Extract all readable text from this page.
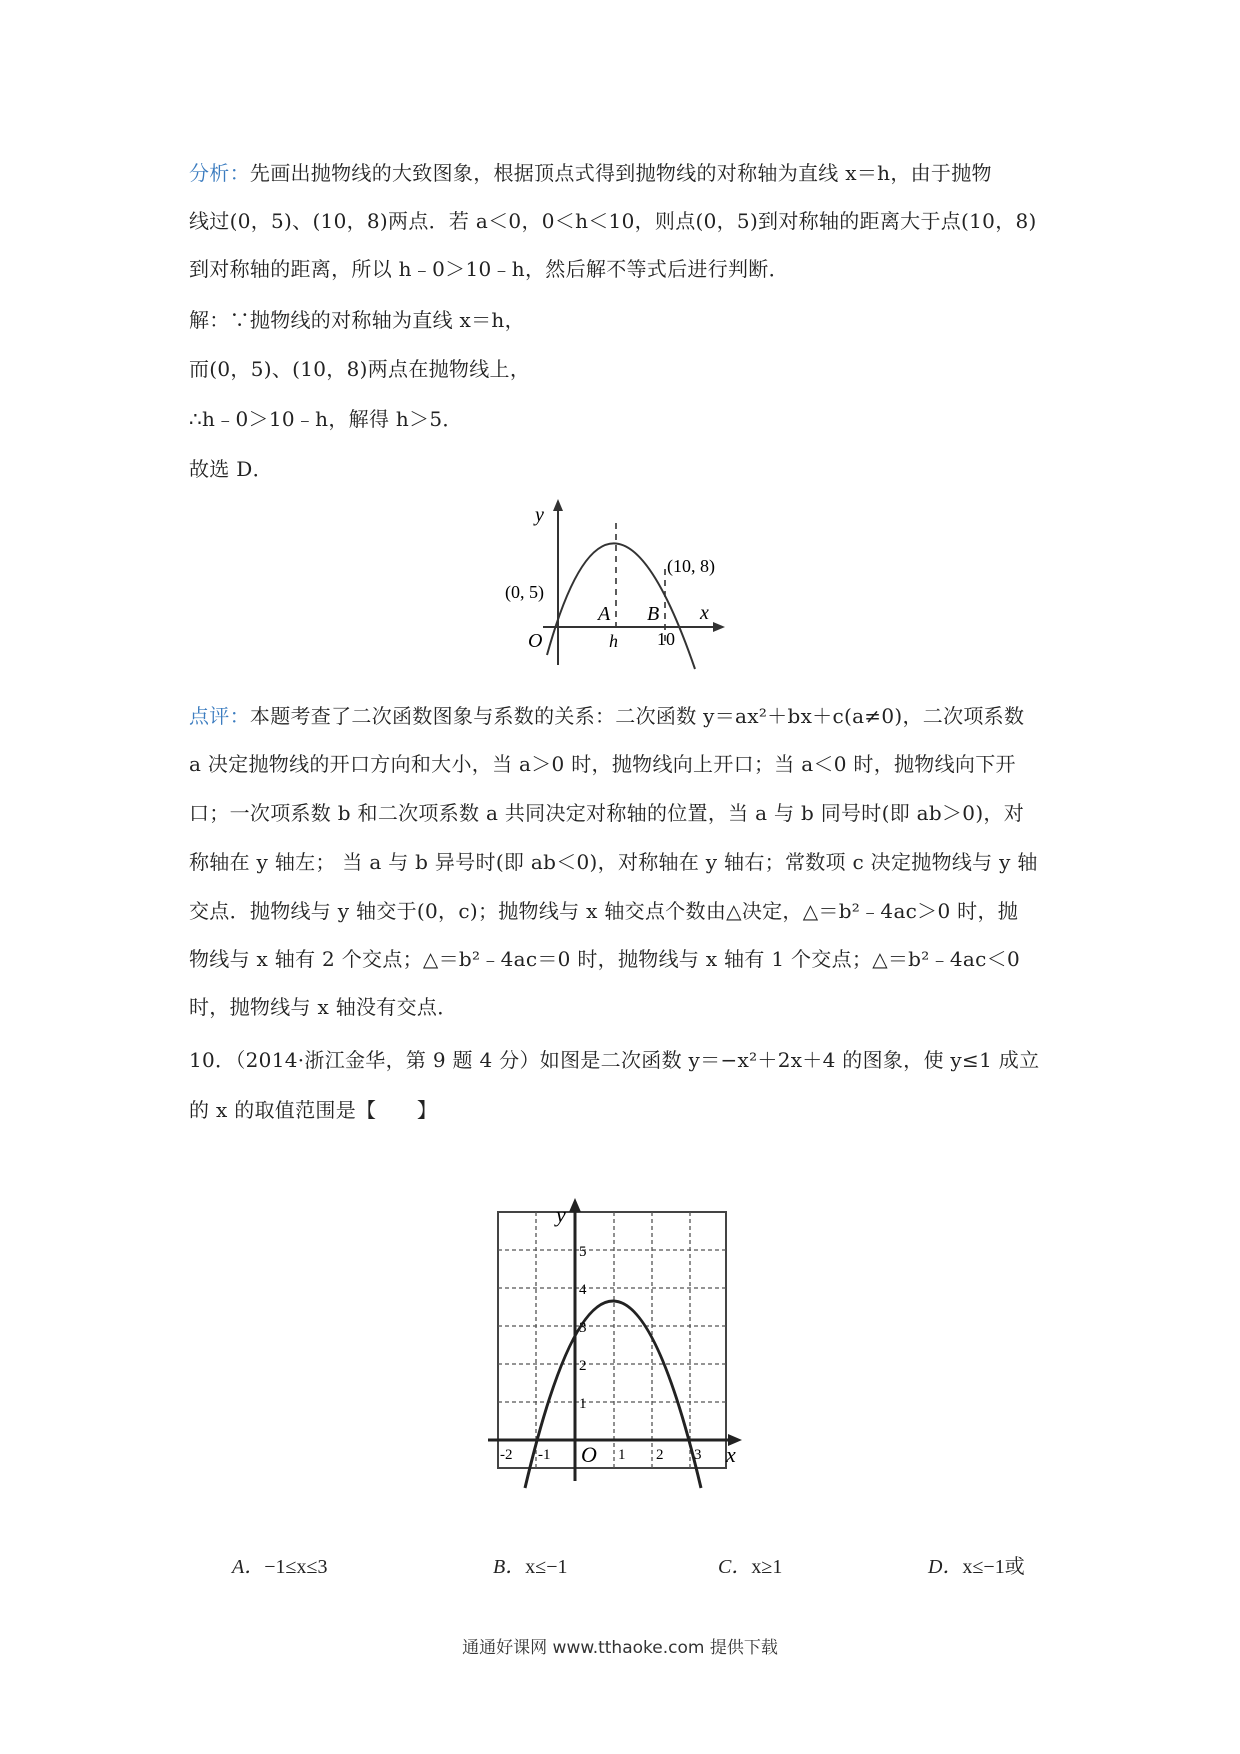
分析：先画出抛物线的大致图象，根据顶点式得到抛物线的对称轴为直线 x＝h，由于抛物
线过(0，5)、(10，8)两点．若 a＜0，0＜h＜10，则点(0，5)到对称轴的距离大于点(10，8)
到对称轴的距离，所以 h﹣0＞10﹣h，然后解不等式后进行判断．
解：∵抛物线的对称轴为直线 x＝h，
而(0，5)、(10，8)两点在抛物线上，
∴h﹣0＞10﹣h，解得 h＞5．
故选 D．
y
x
O
(0, 5)
(10, 8)
A B
h 10
点评：本题考查了二次函数图象与系数的关系：二次函数 y＝ax²＋bx＋c(a≠0)，二次项系数
a 决定抛物线的开口方向和大小，当 a＞0 时，抛物线向上开口；当 a＜0 时，抛物线向下开
口；一次项系数 b 和二次项系数 a 共同决定对称轴的位置，当 a 与 b 同号时(即 ab＞0)，对
称轴在 y 轴左； 当 a 与 b 异号时(即 ab＜0)，对称轴在 y 轴右；常数项 c 决定抛物线与 y 轴
交点．抛物线与 y 轴交于(0，c)；抛物线与 x 轴交点个数由△决定，△＝b²﹣4ac＞0 时，抛
物线与 x 轴有 2 个交点；△＝b²﹣4ac＝0 时，抛物线与 x 轴有 1 个交点；△＝b²﹣4ac＜0
时，抛物线与 x 轴没有交点．
10．（2014·浙江金华，第 9 题 4 分）如图是二次函数 y＝−x²＋2x＋4 的图象，使 y≤1 成立
的 x 的取值范围是【　　】
y
x
O
5
4
3
2
1
-2 -1	1 2 3
A．−1≤x≤3	B．x≤−1	C．x≥1	D．x≤−1或
通通好课网 www.tthaoke.com 提供下载
